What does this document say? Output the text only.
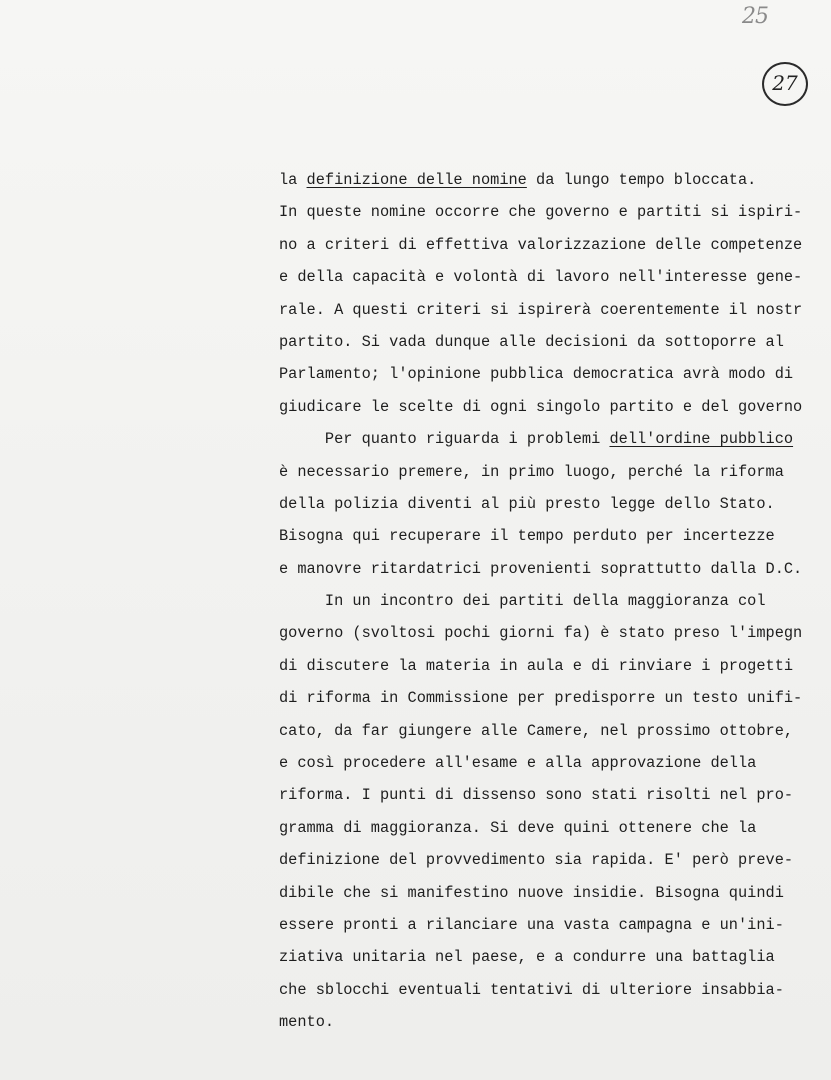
25
27
la definizione delle nomine da lungo tempo bloccata.
In queste nomine occorre che governo e partiti si ispiri-
no a criteri di effettiva valorizzazione delle competenze
e della capacità e volontà di lavoro nell'interesse gene-
rale. A questi criteri si ispirerà coerentemente il nostr
partito. Si vada dunque alle decisioni da sottoporre al
Parlamento; l'opinione pubblica democratica avrà modo di
giudicare le scelte di ogni singolo partito e del governo
Per quanto riguarda i problemi dell'ordine pubblico
è necessario premere, in primo luogo, perché la riforma
della polizia diventi al più presto legge dello Stato.
Bisogna qui recuperare il tempo perduto per incertezze
e manovre ritardatrici provenienti soprattutto dalla D.C.
In un incontro dei partiti della maggioranza col
governo (svoltosi pochi giorni fa) è stato preso l'impegn
di discutere la materia in aula e di rinviare i progetti
di riforma in Commissione per predisporre un testo unifi-
cato, da far giungere alle Camere, nel prossimo ottobre,
e così procedere all'esame e alla approvazione della
riforma. I punti di dissenso sono stati risolti nel pro-
gramma di maggioranza. Si deve quini ottenere che la
definizione del provvedimento sia rapida. E' però preve-
dibile che si manifestino nuove insidie. Bisogna quindi
essere pronti a rilanciare una vasta campagna e un'ini-
ziativa unitaria nel paese, e a condurre una battaglia
che sblocchi eventuali tentativi di ulteriore insabbia-
mento.
